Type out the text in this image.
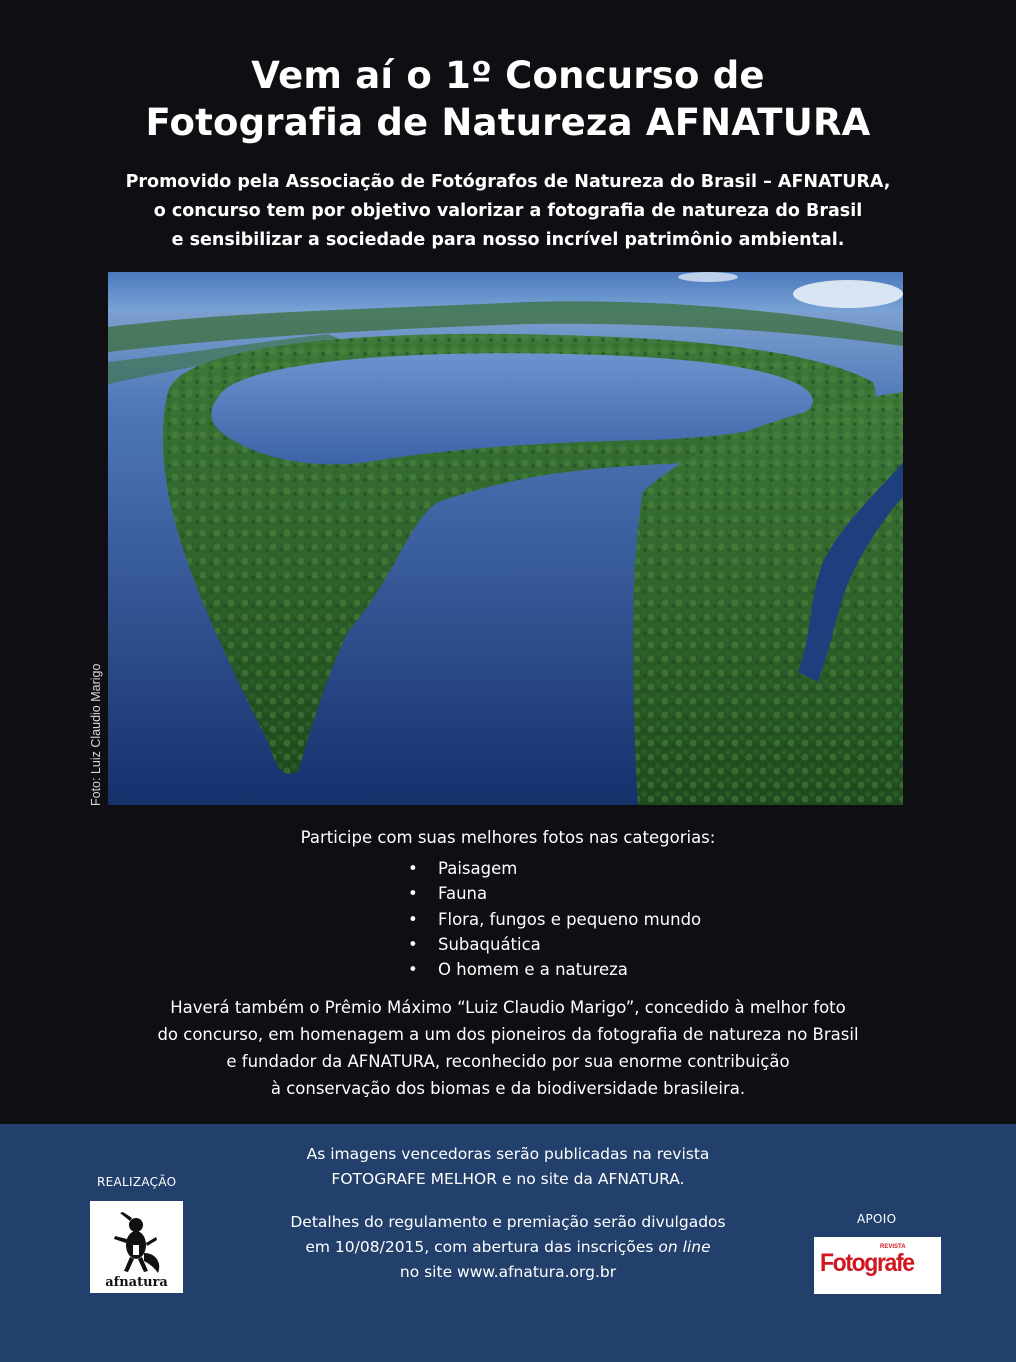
Vem aí o 1º Concurso de
Fotografia de Natureza AFNATURA
Promovido pela Associação de Fotógrafos de Natureza do Brasil – AFNATURA,
o concurso tem por objetivo valorizar a fotografia de natureza do Brasil
e sensibilizar a sociedade para nosso incrível patrimônio ambiental.
Foto: Luiz Claudio Marigo
Participe com suas melhores fotos nas categorias:
• Paisagem
• Fauna
• Flora, fungos e pequeno mundo
• Subaquática
• O homem e a natureza
Haverá também o Prêmio Máximo “Luiz Claudio Marigo”, concedido à melhor foto
do concurso, em homenagem a um dos pioneiros da fotografia de natureza no Brasil
e fundador da AFNATURA, reconhecido por sua enorme contribuição
à conservação dos biomas e da biodiversidade brasileira.
As imagens vencedoras serão publicadas na revista
FOTOGRAFE MELHOR e no site da AFNATURA.
Detalhes do regulamento e premiação serão divulgados
em 10/08/2015, com abertura das inscrições on line
no site www.afnatura.org.br
REALIZAÇÃO
afnatura
APOIO
REVISTA
Fotografe
